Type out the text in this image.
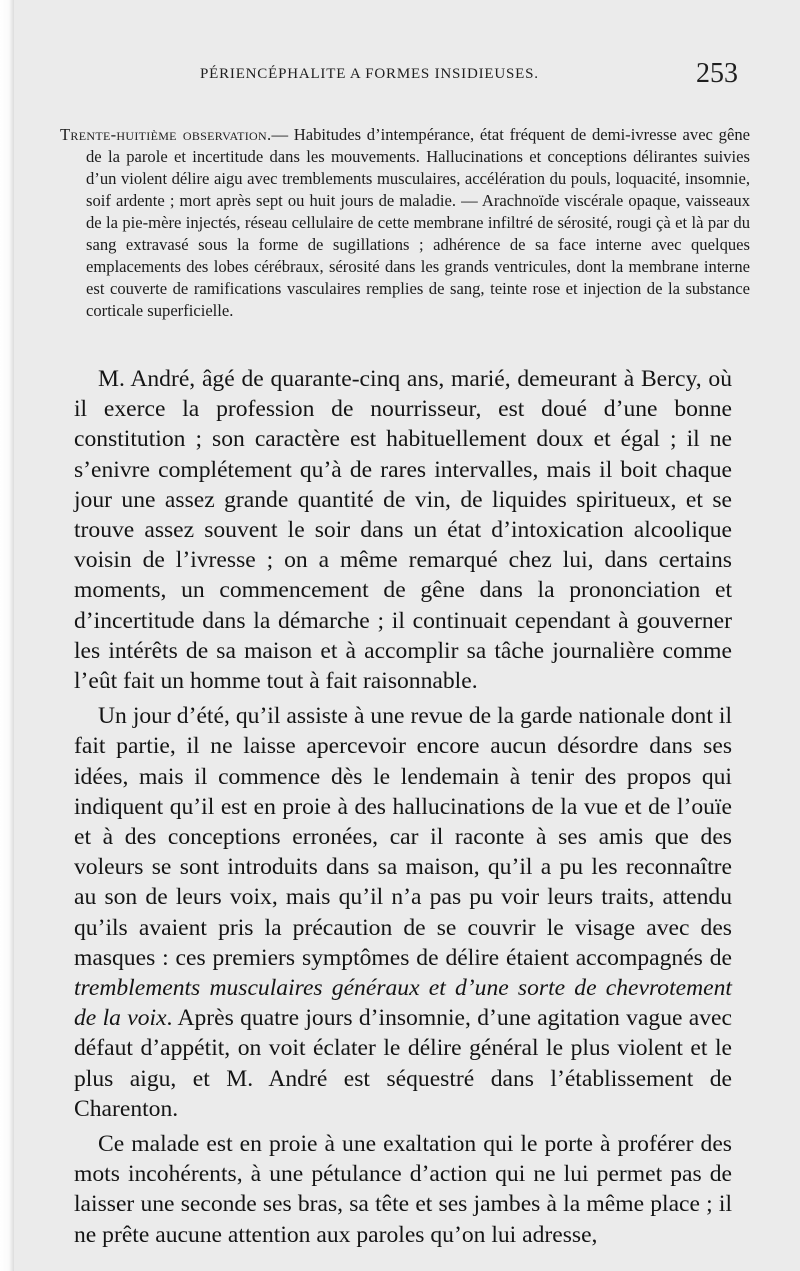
PÉRIENCÉPHALITE A FORMES INSIDIEUSES.	253
Trente-huitième observation.— Habitudes d’intempérance, état fréquent de demi-ivresse avec gêne de la parole et incertitude dans les mouvements. Hallucinations et conceptions délirantes suivies d’un violent délire aigu avec tremblements musculaires, accélération du pouls, loquacité, insomnie, soif ardente ; mort après sept ou huit jours de maladie. — Arachnoïde viscérale opaque, vaisseaux de la pie-mère injectés, réseau cellulaire de cette membrane infiltré de sérosité, rougi çà et là par du sang extravasé sous la forme de sugillations ; adhérence de sa face interne avec quelques emplacements des lobes cérébraux, sérosité dans les grands ventricules, dont la membrane interne est couverte de ramifications vasculaires remplies de sang, teinte rose et injection de la substance corticale superficielle.

M. André, âgé de quarante-cinq ans, marié, demeurant à Bercy, où il exerce la profession de nourrisseur, est doué d’une bonne constitution ; son caractère est habituellement doux et égal ; il ne s’enivre complétement qu’à de rares intervalles, mais il boit chaque jour une assez grande quantité de vin, de liquides spiritueux, et se trouve assez souvent le soir dans un état d’intoxication alcoolique voisin de l’ivresse ; on a même remarqué chez lui, dans certains moments, un commencement de gêne dans la prononciation et d’incertitude dans la démarche ; il continuait cependant à gouverner les intérêts de sa maison et à accomplir sa tâche journalière comme l’eût fait un homme tout à fait raisonnable.

Un jour d’été, qu’il assiste à une revue de la garde nationale dont il fait partie, il ne laisse apercevoir encore aucun désordre dans ses idées, mais il commence dès le lendemain à tenir des propos qui indiquent qu’il est en proie à des hallucinations de la vue et de l’ouïe et à des conceptions erronées, car il raconte à ses amis que des voleurs se sont introduits dans sa maison, qu’il a pu les reconnaître au son de leurs voix, mais qu’il n’a pas pu voir leurs traits, attendu qu’ils avaient pris la précaution de se couvrir le visage avec des masques : ces premiers symptômes de délire étaient accompagnés de tremblements musculaires généraux et d’une sorte de chevrotement de la voix. Après quatre jours d’insomnie, d’une agitation vague avec défaut d’appétit, on voit éclater le délire général le plus violent et le plus aigu, et M. André est séquestré dans l’établissement de Charenton.

Ce malade est en proie à une exaltation qui le porte à proférer des mots incohérents, à une pétulance d’action qui ne lui permet pas de laisser une seconde ses bras, sa tête et ses jambes à la même place ; il ne prête aucune attention aux paroles qu’on lui adresse,
